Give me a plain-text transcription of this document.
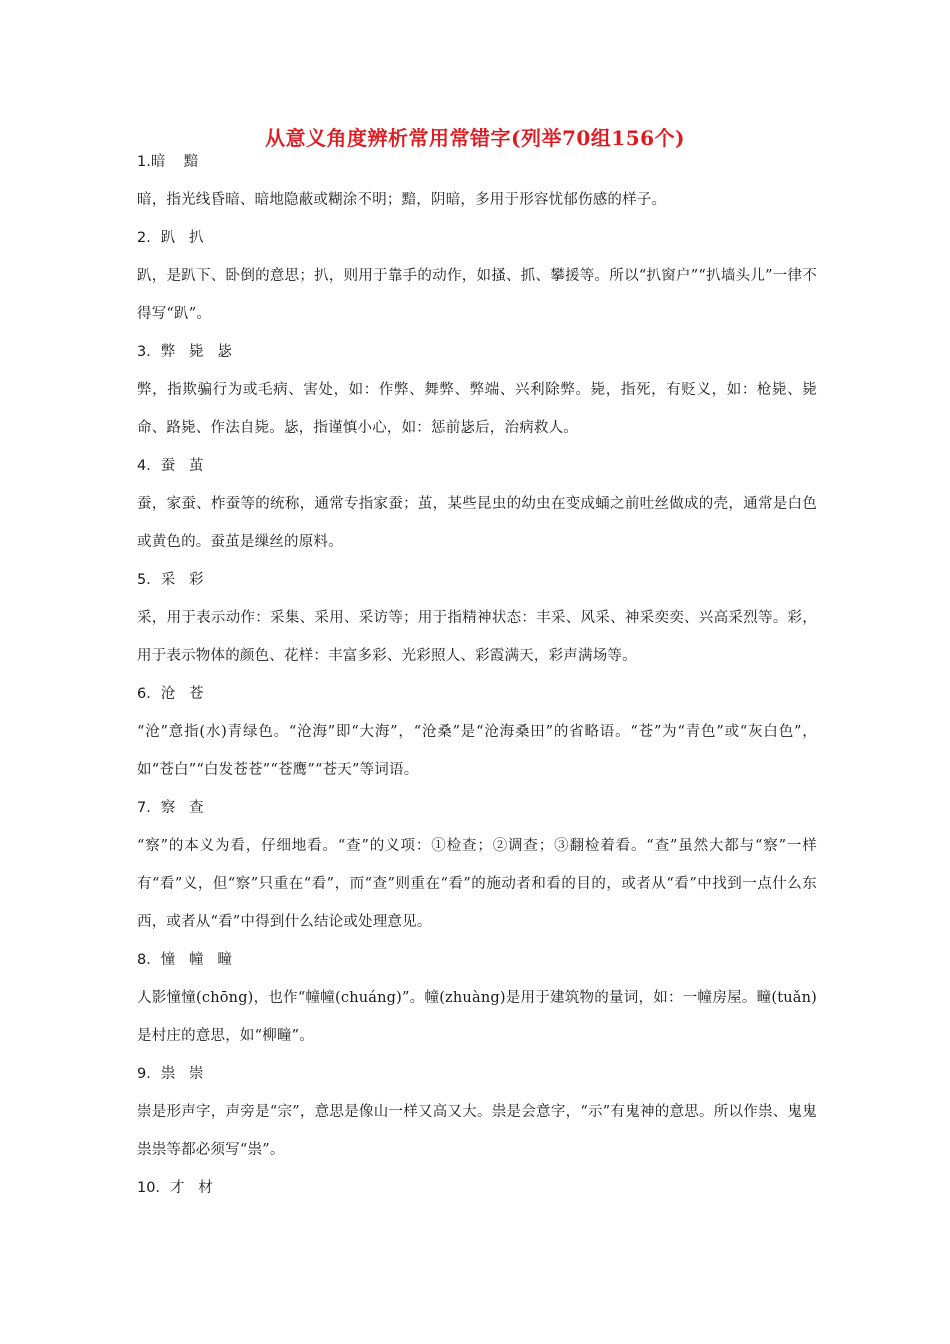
从意义角度辨析常用常错字(列举70组156个)
1.暗    黯
暗，指光线昏暗、暗地隐蔽或糊涂不明；黯，阴暗，多用于形容忧郁伤感的样子。
2．趴   扒
趴，是趴下、卧倒的意思；扒，则用于靠手的动作，如搔、抓、攀援等。所以“扒窗户”“扒墙头儿”一律不得写“趴”。
3．弊   毙   毖
弊，指欺骗行为或毛病、害处，如：作弊、舞弊、弊端、兴利除弊。毙，指死，有贬义，如：枪毙、毙命、路毙、作法自毙。毖，指谨慎小心，如：惩前毖后，治病救人。
4．蚕   茧
蚕，家蚕、柞蚕等的统称，通常专指家蚕；茧，某些昆虫的幼虫在变成蛹之前吐丝做成的壳，通常是白色或黄色的。蚕茧是缫丝的原料。
5．采   彩
采，用于表示动作：采集、采用、采访等；用于指精神状态：丰采、风采、神采奕奕、兴高采烈等。彩，用于表示物体的颜色、花样：丰富多彩、光彩照人、彩霞满天，彩声满场等。
6．沧   苍
“沧”意指(水)青绿色。“沧海”即“大海”，“沧桑”是“沧海桑田”的省略语。“苍”为“青色”或“灰白色”，如“苍白”“白发苍苍”“苍鹰”“苍天”等词语。
7．察   查
“察”的本义为看，仔细地看。“查”的义项：①检查；②调查；③翻检着看。“查”虽然大都与“察”一样有“看”义，但“察”只重在“看”，而“查”则重在“看”的施动者和看的目的，或者从“看”中找到一点什么东西，或者从“看”中得到什么结论或处理意见。
8．憧   幢   疃
人影憧憧(chōng)，也作“幢幢(chuáng)”。幢(zhuàng)是用于建筑物的量词，如：一幢房屋。疃(tuǎn)是村庄的意思，如“柳疃”。
9．祟   崇
崇是形声字，声旁是“宗”，意思是像山一样又高又大。祟是会意字，“示”有鬼神的意思。所以作祟、鬼鬼祟祟等都必须写“祟”。
10．才   材
